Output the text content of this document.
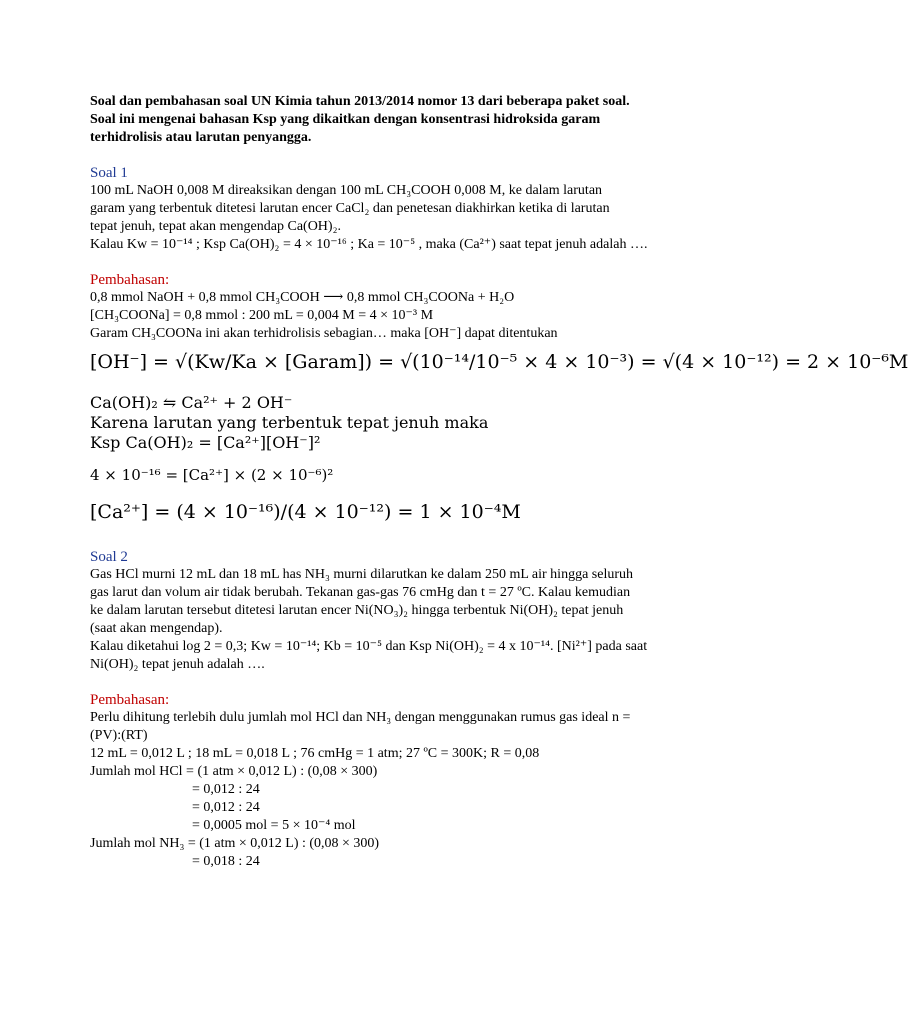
Soal dan pembahasan soal UN Kimia tahun 2013/2014 nomor 13 dari beberapa paket soal.
Soal ini mengenai bahasan Ksp yang dikaitkan dengan konsentrasi hidroksida garam
terhidrolisis atau larutan penyangga.
Soal 1
100 mL NaOH 0,008 M direaksikan dengan 100 mL CH₃COOH 0,008 M, ke dalam larutan
garam yang terbentuk ditetesi larutan encer CaCl₂ dan penetesan diakhirkan ketika di larutan
tepat jenuh, tepat akan mengendap Ca(OH)₂.
Kalau Kw = 10⁻¹⁴ ; Ksp Ca(OH)₂ = 4 × 10⁻¹⁶ ; Ka = 10⁻⁵ , maka (Ca²⁺) saat tepat jenuh adalah ….
Pembahasan:
0,8 mmol NaOH + 0,8 mmol CH₃COOH ⟶ 0,8 mmol CH₃COONa + H₂O
[CH₃COONa] = 0,8 mmol : 200 mL = 0,004 M = 4 × 10⁻³ M
Garam CH₃COONa ini akan terhidrolisis sebagian… maka [OH⁻] dapat ditentukan
[OH⁻] = √(Kw/Ka × [Garam]) = √(10⁻¹⁴/10⁻⁵ × 4 × 10⁻³) = √(4 × 10⁻¹²) = 2 × 10⁻⁶M
Ca(OH)₂ ⇋ Ca²⁺ + 2 OH⁻
Karena larutan yang terbentuk tepat jenuh maka
Ksp Ca(OH)₂ = [Ca²⁺][OH⁻]²
4 × 10⁻¹⁶ = [Ca²⁺] × (2 × 10⁻⁶)²
[Ca²⁺] = (4 × 10⁻¹⁶)/(4 × 10⁻¹²) = 1 × 10⁻⁴M
Soal 2
Gas HCl murni 12 mL dan 18 mL has NH₃ murni dilarutkan ke dalam 250 mL air hingga seluruh
gas larut dan volum air tidak berubah. Tekanan gas-gas 76 cmHg dan t = 27 ºC. Kalau kemudian
ke dalam larutan tersebut ditetesi larutan encer Ni(NO₃)₂ hingga terbentuk Ni(OH)₂ tepat jenuh
(saat akan mengendap).
Kalau diketahui log 2 = 0,3; Kw = 10⁻¹⁴; Kb = 10⁻⁵ dan Ksp Ni(OH)₂ = 4 x 10⁻¹⁴. [Ni²⁺] pada saat
Ni(OH)₂ tepat jenuh adalah ….
Pembahasan:
Perlu dihitung terlebih dulu jumlah mol HCl dan NH₃ dengan menggunakan rumus gas ideal n =
(PV):(RT)
12 mL = 0,012 L ; 18 mL = 0,018 L ; 76 cmHg = 1 atm; 27 ºC = 300K; R = 0,08
Jumlah mol HCl = (1 atm × 0,012 L) : (0,08 × 300)
= 0,012 : 24
= 0,012 : 24
= 0,0005 mol = 5 × 10⁻⁴ mol
Jumlah mol NH₃ = (1 atm × 0,012 L) : (0,08 × 300)
= 0,018 : 24
